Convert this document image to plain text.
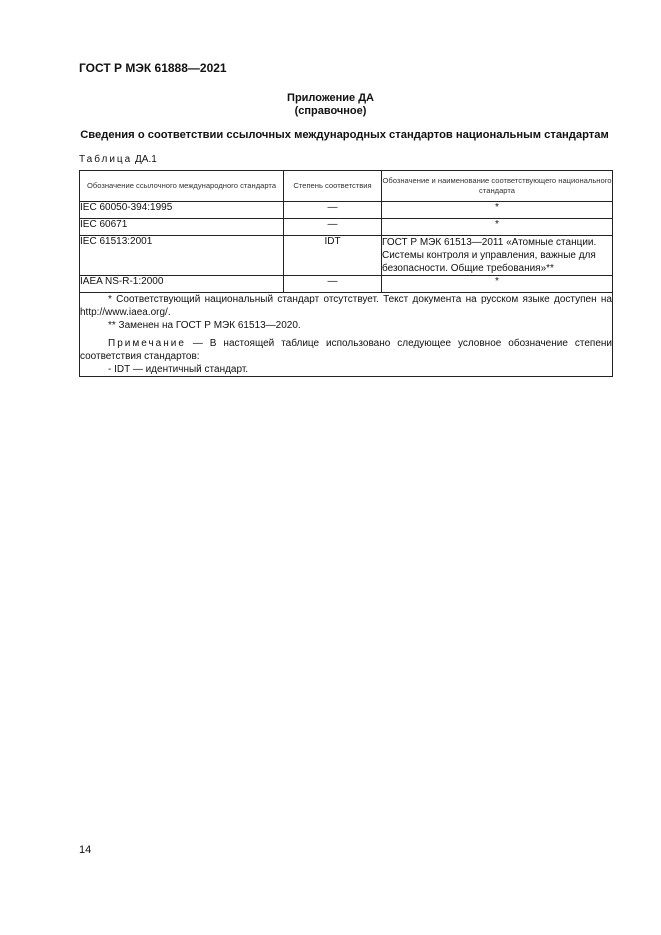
ГОСТ Р МЭК 61888—2021
Приложение ДА
(справочное)
Сведения о соответствии ссылочных международных стандартов национальным стандартам
Таблица ДА.1
Обозначение ссылочного международного стандарта	Степень соответствия	Обозначение и наименование соответствующего национального стандарта
IEC 60050-394:1995	—	*
IEC 60671	—	*
IEC 61513:2001	IDT	ГОСТ Р МЭК 61513—2011 «Атомные станции. Системы контроля и управления, важные для безопасности. Общие требования»**
IAEA NS-R-1:2000	—	*

* Соответствующий национальный стандарт отсутствует. Текст документа на русском языке доступен на http://www.iaea.org/.

** Заменен на ГОСТ Р МЭК 61513—2020.

Примечание — В настоящей таблице использовано следующее условное обозначение степени соответствия стандартов:

- IDT — идентичный стандарт.		

14
